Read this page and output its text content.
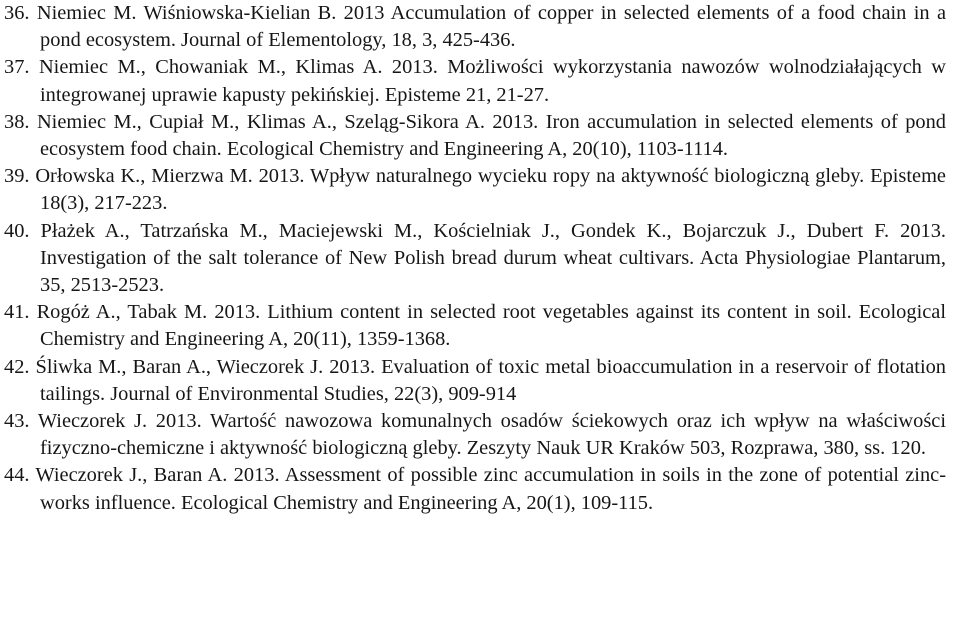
36. Niemiec M. Wiśniowska-Kielian B. 2013 Accumulation of copper in selected elements of a food chain in a pond ecosystem. Journal of Elementology, 18, 3, 425-436.

37. Niemiec M., Chowaniak M., Klimas A. 2013. Możliwości wykorzystania nawozów wolnodziałających w integrowanej uprawie kapusty pekińskiej. Episteme 21, 21-27.

38. Niemiec M., Cupiał M., Klimas A., Szeląg-Sikora A. 2013. Iron accumulation in selected elements of pond ecosystem food chain. Ecological Chemistry and Engineering A, 20(10), 1103-1114.

39. Orłowska K., Mierzwa M. 2013. Wpływ naturalnego wycieku ropy na aktywność biologiczną gleby. Episteme 18(3), 217-223.

40. Płażek A., Tatrzańska M., Maciejewski M., Kościelniak J., Gondek K., Bojarczuk J., Dubert F. 2013. Investigation of the salt tolerance of New Polish bread durum wheat cultivars. Acta Physiologiae Plantarum, 35, 2513-2523.

41. Rogóż A., Tabak M. 2013. Lithium content in selected root vegetables against its content in soil. Ecological Chemistry and Engineering A, 20(11), 1359-1368.

42. Śliwka M., Baran A., Wieczorek J. 2013. Evaluation of toxic metal bioaccumulation in a reservoir of flotation tailings. Journal of Environmental Studies, 22(3), 909-914

43. Wieczorek J. 2013. Wartość nawozowa komunalnych osadów ściekowych oraz ich wpływ na właściwości fizyczno-chemiczne i aktywność biologiczną gleby. Zeszyty Nauk UR Kraków 503, Rozprawa, 380, ss. 120.

44. Wieczorek J., Baran A. 2013. Assessment of possible zinc accumulation in soils in the zone of potential zinc-works influence. Ecological Chemistry and Engineering A, 20(1), 109-115.
